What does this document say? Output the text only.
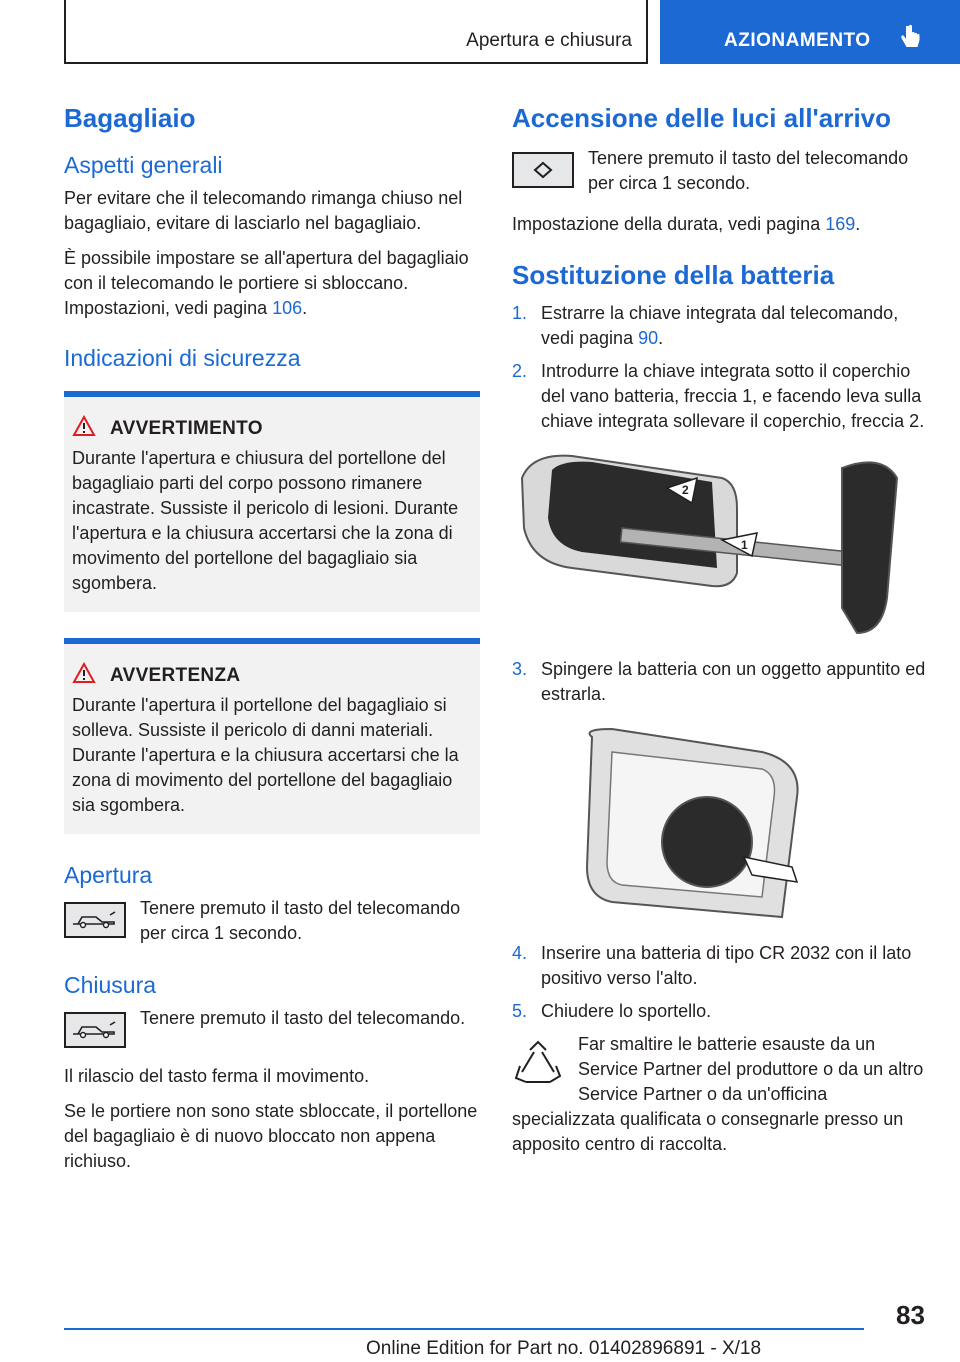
Apertura e chiusura	AZIONAMENTO
Bagagliaio
Aspetti generali

Per evitare che il telecomando rimanga chiuso nel bagagliaio, evitare di lasciarlo nel bagagliaio.

È possibile impostare se all'apertura del bagagliaio con il telecomando le portiere si sbloccano. Impostazioni, vedi pagina 106.

Indicazioni di sicurezza
AVVERTIMENTO

Durante l'apertura e chiusura del portellone del bagagliaio parti del corpo possono rimanere incastrate. Sussiste il pericolo di lesioni. Durante l'apertura e la chiusura accertarsi che la zona di movimento del portellone del bagagliaio sia sgombera.

AVVERTENZA

Durante l'apertura il portellone del bagagliaio si solleva. Sussiste il pericolo di danni materiali. Durante l'apertura e la chiusura accertarsi che la zona di movimento del portellone del bagagliaio sia sgombera.

Apertura

Tenere premuto il tasto del telecomando per circa 1 secondo.

Chiusura

Tenere premuto il tasto del telecomando.

Il rilascio del tasto ferma il movimento.

Se le portiere non sono state sbloccate, il portellone del bagagliaio è di nuovo bloccato non appena richiuso.

Accensione delle luci all'arrivo

Tenere premuto il tasto del telecomando per circa 1 secondo.

Impostazione della durata, vedi pagina 169.

Sostituzione della batteria
1. Estrarre la chiave integrata dal telecomando, vedi pagina 90.
2. Introdurre la chiave integrata sotto il coperchio del vano batteria, freccia 1, e facendo leva sulla chiave integrata sollevare il coperchio, freccia 2.
2
1
3. Spingere la batteria con un oggetto appuntito ed estrarla.
4. Inserire una batteria di tipo CR 2032 con il lato positivo verso l'alto.
5. Chiudere lo sportello.

Far smaltire le batterie esauste da un Service Partner del produttore o da un altro Service Partner o da un'officina specializzata qualificata o consegnarle presso un apposito centro di raccolta.

83
Online Edition for Part no. 01402896891 - X/18
